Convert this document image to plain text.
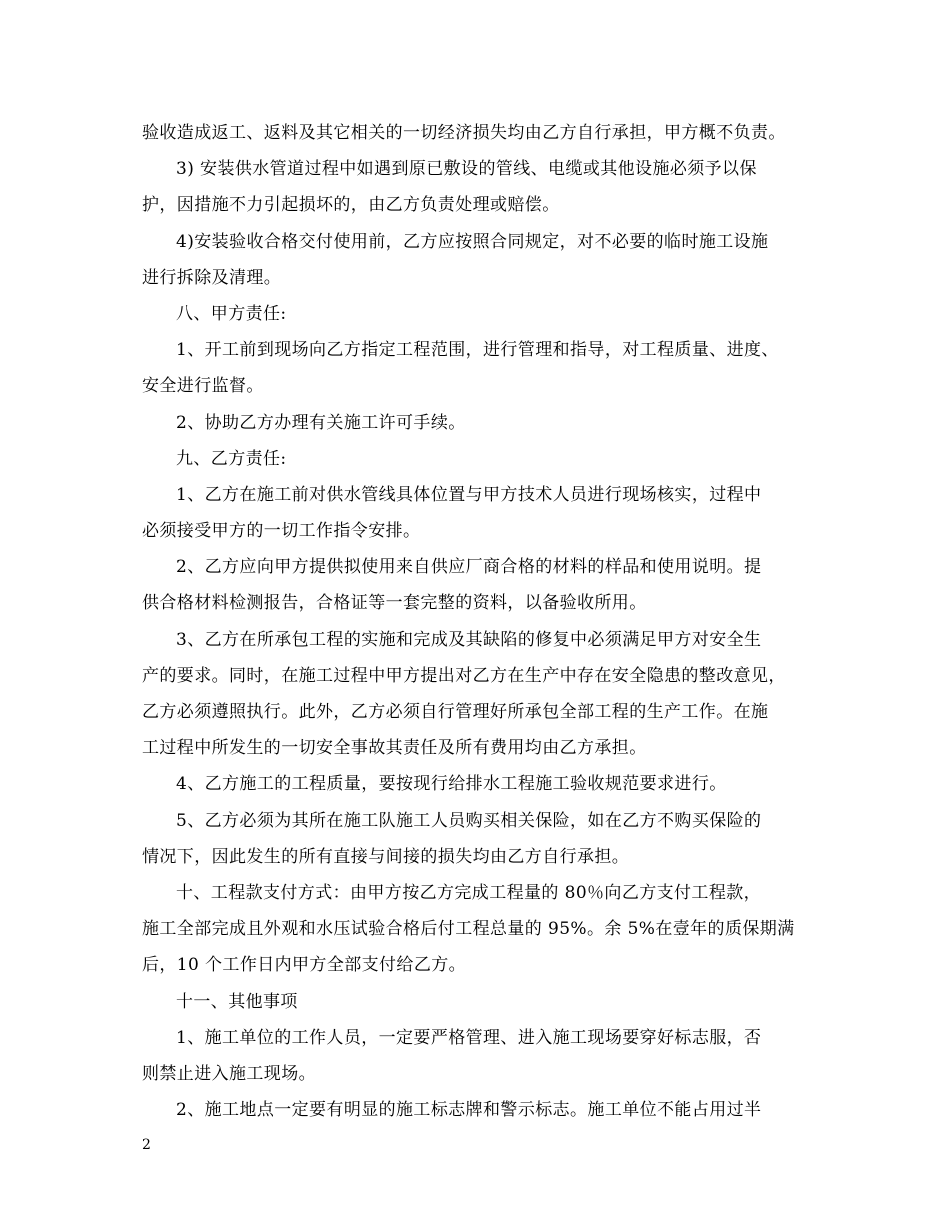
验收造成返工、返料及其它相关的一切经济损失均由乙方自行承担，甲方概不负责。
3) 安装供水管道过程中如遇到原已敷设的管线、电缆或其他设施必须予以保
护，因措施不力引起损坏的，由乙方负责处理或赔偿。
4)安装验收合格交付使用前，乙方应按照合同规定，对不必要的临时施工设施
进行拆除及清理。
八、甲方责任:
1、开工前到现场向乙方指定工程范围，进行管理和指导，对工程质量、进度、
安全进行监督。
2、协助乙方办理有关施工许可手续。
九、乙方责任:
1、乙方在施工前对供水管线具体位置与甲方技术人员进行现场核实，过程中
必须接受甲方的一切工作指令安排。
2、乙方应向甲方提供拟使用来自供应厂商合格的材料的样品和使用说明。提
供合格材料检测报告，合格证等一套完整的资料，以备验收所用。
3、乙方在所承包工程的实施和完成及其缺陷的修复中必须满足甲方对安全生
产的要求。同时，在施工过程中甲方提出对乙方在生产中存在安全隐患的整改意见，
乙方必须遵照执行。此外，乙方必须自行管理好所承包全部工程的生产工作。在施
工过程中所发生的一切安全事故其责任及所有费用均由乙方承担。
4、乙方施工的工程质量，要按现行给排水工程施工验收规范要求进行。
5、乙方必须为其所在施工队施工人员购买相关保险，如在乙方不购买保险的
情况下，因此发生的所有直接与间接的损失均由乙方自行承担。
十、工程款支付方式：由甲方按乙方完成工程量的 80％向乙方支付工程款，
施工全部完成且外观和水压试验合格后付工程总量的 95%。余 5%在壹年的质保期满
后，10 个工作日内甲方全部支付给乙方。
十一、其他事项
1、施工单位的工作人员，一定要严格管理、进入施工现场要穿好标志服，否
则禁止进入施工现场。
2、施工地点一定要有明显的施工标志牌和警示标志。施工单位不能占用过半
2
